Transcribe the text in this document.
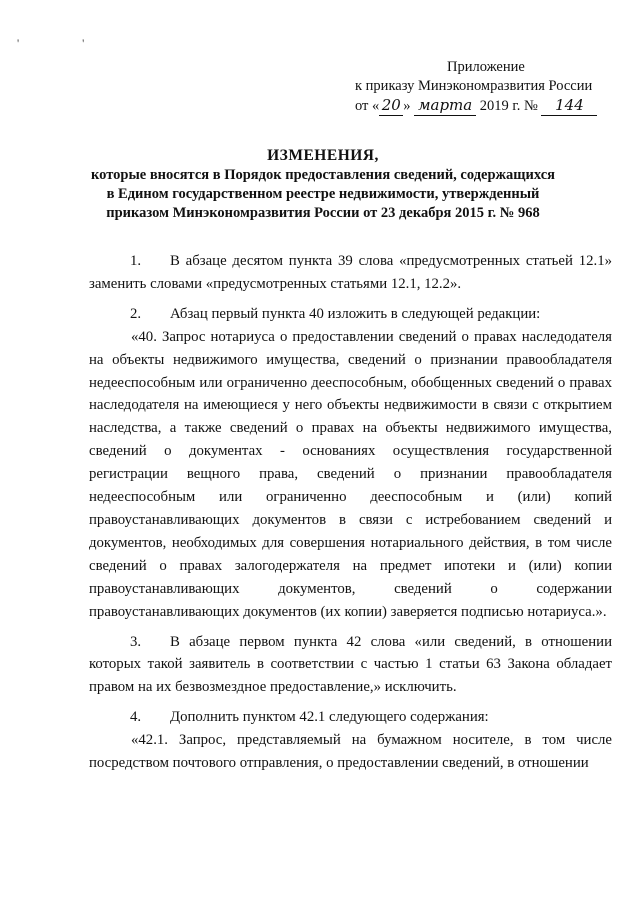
' '
Приложение
к приказу Минэкономразвития России
от « 20 » марта 2019 г. № 144
ИЗМЕНЕНИЯ,
которые вносятся в Порядок предоставления сведений, содержащихся в Едином государственном реестре недвижимости, утвержденный приказом Минэкономразвития России от 23 декабря 2015 г. № 968

1. В абзаце десятом пункта 39 слова «предусмотренных статьей 12.1» заменить словами «предусмотренных статьями 12.1, 12.2».

2. Абзац первый пункта 40 изложить в следующей редакции:

«40. Запрос нотариуса о предоставлении сведений о правах наследодателя на объекты недвижимого имущества, сведений о признании правообладателя недееспособным или ограниченно дееспособным, обобщенных сведений о правах наследодателя на имеющиеся у него объекты недвижимости в связи с открытием наследства, а также сведений о правах на объекты недвижимого имущества, сведений о документах - основаниях осуществления государственной регистрации вещного права, сведений о признании правообладателя недееспособным или ограниченно дееспособным и (или) копий правоустанавливающих документов в связи с истребованием сведений и документов, необходимых для совершения нотариального действия, в том числе сведений о правах залогодержателя на предмет ипотеки и (или) копии правоустанавливающих документов, сведений о содержании правоустанавливающих документов (их копии) заверяется подписью нотариуса.».

3. В абзаце первом пункта 42 слова «или сведений, в отношении которых такой заявитель в соответствии с частью 1 статьи 63 Закона обладает правом на их безвозмездное предоставление,» исключить.

4. Дополнить пунктом 42.1 следующего содержания:

«42.1. Запрос, представляемый на бумажном носителе, в том числе посредством почтового отправления, о предоставлении сведений, в отношении
